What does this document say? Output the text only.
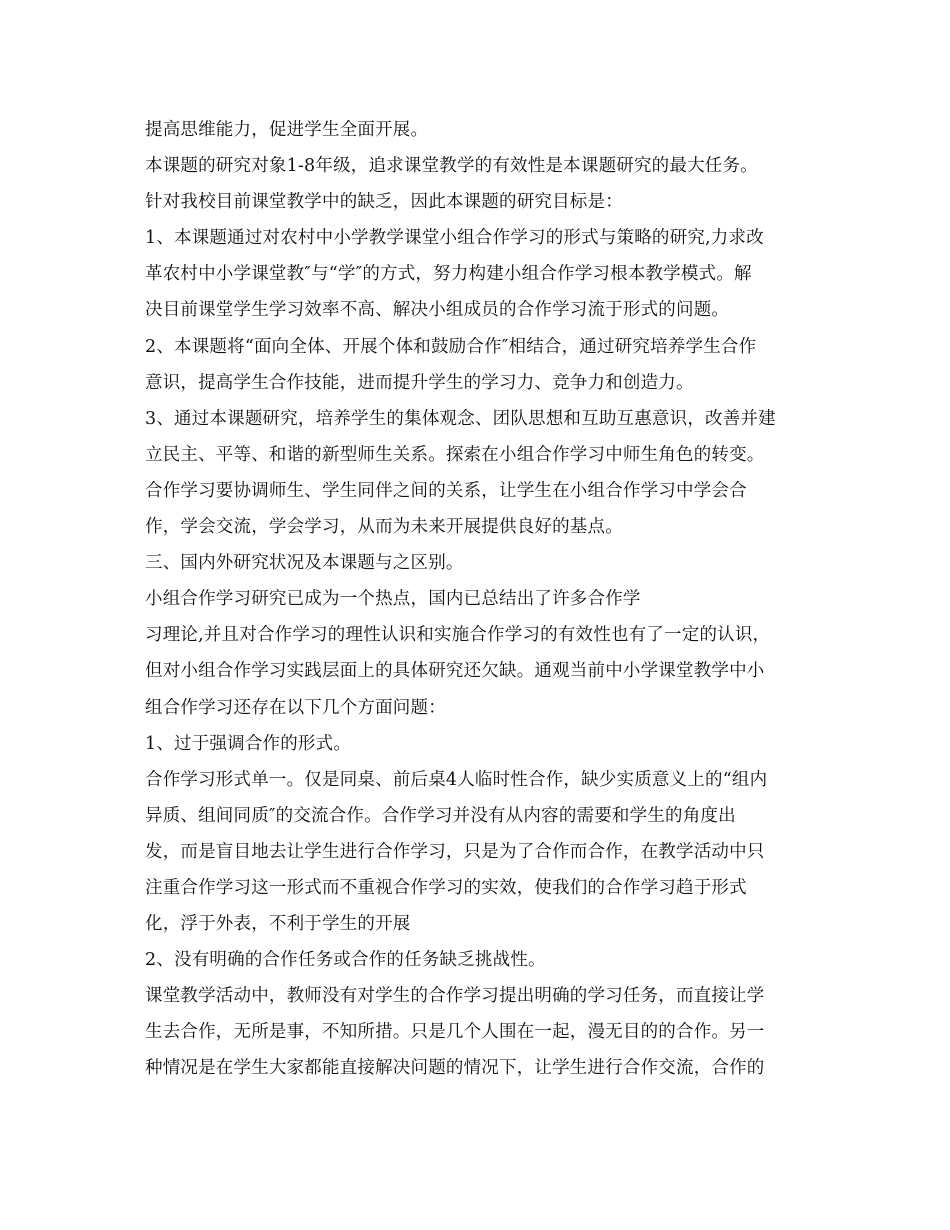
提高思维能力，促进学生全面开展。
本课题的研究对象1-8年级，追求课堂教学的有效性是本课题研究的最大任务。
针对我校目前课堂教学中的缺乏，因此本课题的研究目标是：
1、本课题通过对农村中小学教学课堂小组合作学习的形式与策略的研究,力求改
革农村中小学课堂教″与“学″的方式，努力构建小组合作学习根本教学模式。解
决目前课堂学生学习效率不高、解决小组成员的合作学习流于形式的问题。
2、本课题将“面向全体、开展个体和鼓励合作″相结合，通过研究培养学生合作
意识，提高学生合作技能，进而提升学生的学习力、竞争力和创造力。
3、通过本课题研究，培养学生的集体观念、团队思想和互助互惠意识，改善并建
立民主、平等、和谐的新型师生关系。探索在小组合作学习中师生角色的转变。
合作学习要协调师生、学生同伴之间的关系，让学生在小组合作学习中学会合
作，学会交流，学会学习，从而为未来开展提供良好的基点。
三、国内外研究状况及本课题与之区别。
小组合作学习研究已成为一个热点，国内已总结出了许多合作学
习理论,并且对合作学习的理性认识和实施合作学习的有效性也有了一定的认识，
但对小组合作学习实践层面上的具体研究还欠缺。通观当前中小学课堂教学中小
组合作学习还存在以下几个方面问题：
1、过于强调合作的形式。
合作学习形式单一。仅是同桌、前后桌4人临时性合作，缺少实质意义上的“组内
异质、组间同质″的交流合作。合作学习并没有从内容的需要和学生的角度出
发，而是盲目地去让学生进行合作学习，只是为了合作而合作，在教学活动中只
注重合作学习这一形式而不重视合作学习的实效，使我们的合作学习趋于形式
化，浮于外表，不利于学生的开展
2、没有明确的合作任务或合作的任务缺乏挑战性。
课堂教学活动中，教师没有对学生的合作学习提出明确的学习任务，而直接让学
生去合作，无所是事，不知所措。只是几个人围在一起，漫无目的的合作。另一
种情况是在学生大家都能直接解决问题的情况下，让学生进行合作交流，合作的
